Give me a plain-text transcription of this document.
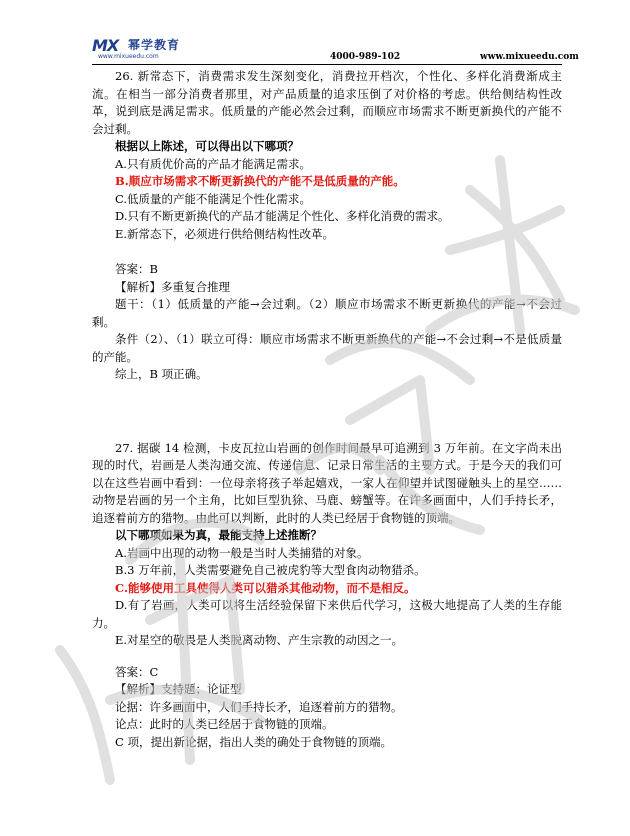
MX 幂学教育
www.mixueedu.com	4000-989-102	www.mixueedu.com

26. 新常态下，消费需求发生深刻变化，消费拉开档次，个性化、多样化消费渐成主流。在相当一部分消费者那里，对产品质量的追求压倒了对价格的考虑。供给侧结构性改革，说到底是满足需求。低质量的产能必然会过剩，而顺应市场需求不断更新换代的产能不会过剩。

根据以上陈述，可以得出以下哪项？

A.只有质优价高的产品才能满足需求。

B.顺应市场需求不断更新换代的产能不是低质量的产能。

C.低质量的产能不能满足个性化需求。

D.只有不断更新换代的产品才能满足个性化、多样化消费的需求。

E.新常态下，必须进行供给侧结构性改革。

答案：B

【解析】多重复合推理

题干：（1）低质量的产能→会过剩。（2）顺应市场需求不断更新换代的产能→不会过剩。

条件（2）、（1）联立可得：顺应市场需求不断更新换代的产能→不会过剩→不是低质量的产能。

综上，B 项正确。

27. 据碳 14 检测，卡皮瓦拉山岩画的创作时间最早可追溯到 3 万年前。在文字尚未出现的时代，岩画是人类沟通交流、传递信息、记录日常生活的主要方式。于是今天的我们可以在这些岩画中看到：一位母亲将孩子举起嬉戏，一家人在仰望并试图碰触头上的星空……动物是岩画的另一个主角，比如巨型犰狳、马鹿、螃蟹等。在许多画面中，人们手持长矛，追逐着前方的猎物。由此可以判断，此时的人类已经居于食物链的顶端。

以下哪项如果为真，最能支持上述推断？

A.岩画中出现的动物一般是当时人类捕猎的对象。

B.3 万年前，人类需要避免自己被虎豹等大型食肉动物猎杀。

C.能够使用工具使得人类可以猎杀其他动物，而不是相反。

D.有了岩画，人类可以将生活经验保留下来供后代学习，这极大地提高了人类的生存能力。

E.对星空的敬畏是人类脱离动物、产生宗教的动因之一。

答案：C

【解析】支持题；论证型

论据：许多画面中，人们手持长矛，追逐着前方的猎物。

论点：此时的人类已经居于食物链的顶端。

C 项，提出新论据，指出人类的确处于食物链的顶端。
